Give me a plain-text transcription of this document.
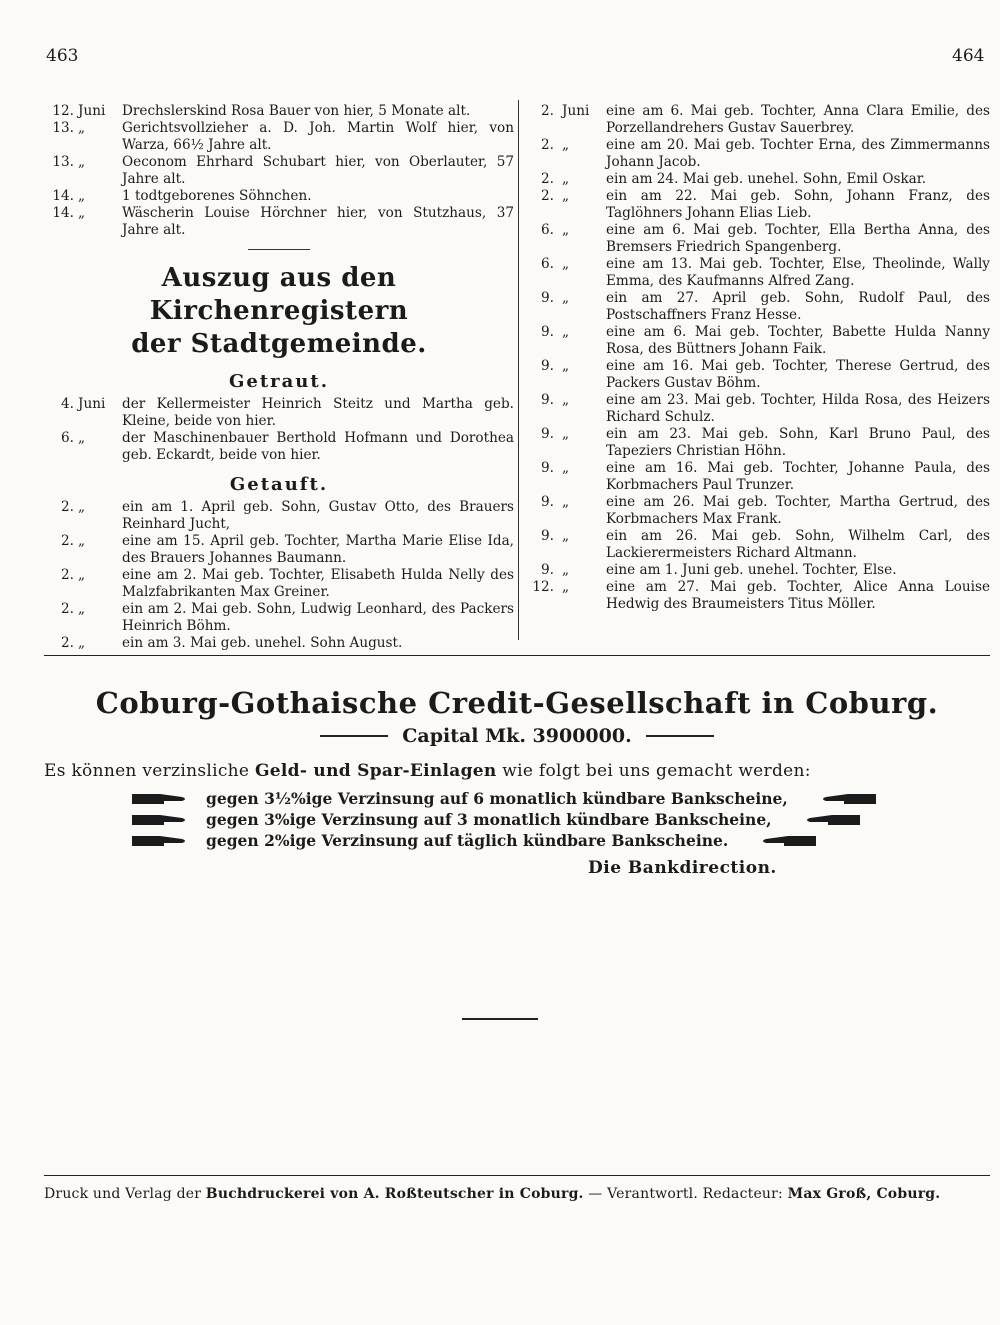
463	464
12. Juni	Drechslerskind Rosa Bauer von hier, 5 Monate alt.
13. „	Gerichtsvollzieher a. D. Joh. Martin Wolf hier, von Warza, 66½ Jahre alt.
13. „	Oeconom Ehrhard Schubart hier, von Oberlauter, 57 Jahre alt.
14. „	1 todtgeborenes Söhnchen.
14. „	Wäscherin Louise Hörchner hier, von Stutzhaus, 37 Jahre alt.
Auszug aus den Kirchenregistern
der Stadtgemeinde.
Getraut.
4. Juni	der Kellermeister Heinrich Steitz und Martha geb. Kleine, beide von hier.
6. „	der Maschinenbauer Berthold Hofmann und Dorothea geb. Eckardt, beide von hier.
Getauft.
2. „	ein am 1. April geb. Sohn, Gustav Otto, des Brauers Reinhard Jucht,
2. „	eine am 15. April geb. Tochter, Martha Marie Elise Ida, des Brauers Johannes Baumann.
2. „	eine am 2. Mai geb. Tochter, Elisabeth Hulda Nelly des Malzfabrikanten Max Greiner.
2. „	ein am 2. Mai geb. Sohn, Ludwig Leonhard, des Packers Heinrich Böhm.
2. „	ein am 3. Mai geb. unehel. Sohn August.
2. Juni	eine am 6. Mai geb. Tochter, Anna Clara Emilie, des Porzellandrehers Gustav Sauerbrey.
2. „	eine am 20. Mai geb. Tochter Erna, des Zimmermanns Johann Jacob.
2. „	ein am 24. Mai geb. unehel. Sohn, Emil Oskar.
2. „	ein am 22. Mai geb. Sohn, Johann Franz, des Taglöhners Johann Elias Lieb.
6. „	eine am 6. Mai geb. Tochter, Ella Bertha Anna, des Bremsers Friedrich Spangenberg.
6. „	eine am 13. Mai geb. Tochter, Else, Theolinde, Wally Emma, des Kaufmanns Alfred Zang.
9. „	ein am 27. April geb. Sohn, Rudolf Paul, des Postschaffners Franz Hesse.
9. „	eine am 6. Mai geb. Tochter, Babette Hulda Nanny Rosa, des Büttners Johann Faik.
9. „	eine am 16. Mai geb. Tochter, Therese Gertrud, des Packers Gustav Böhm.
9. „	eine am 23. Mai geb. Tochter, Hilda Rosa, des Heizers Richard Schulz.
9. „	ein am 23. Mai geb. Sohn, Karl Bruno Paul, des Tapeziers Christian Höhn.
9. „	eine am 16. Mai geb. Tochter, Johanne Paula, des Korbmachers Paul Trunzer.
9. „	eine am 26. Mai geb. Tochter, Martha Gertrud, des Korbmachers Max Frank.
9. „	ein am 26. Mai geb. Sohn, Wilhelm Carl, des Lackierermeisters Richard Altmann.
9. „	eine am 1. Juni geb. unehel. Tochter, Else.
12. „	eine am 27. Mai geb. Tochter, Alice Anna Louise Hedwig des Braumeisters Titus Möller.
Coburg-Gothaische Credit-Gesellschaft in Coburg.
Capital Mk. 3900000.
Es können verzinsliche Geld- und Spar-Einlagen wie folgt bei uns gemacht werden:
gegen 3½%ige Verzinsung auf 6 monatlich kündbare Bankscheine,
gegen 3%ige Verzinsung auf 3 monatlich kündbare Bankscheine,
gegen 2%ige Verzinsung auf täglich kündbare Bankscheine.
Die Bankdirection.
Druck und Verlag der Buchdruckerei von A. Roßteutscher in Coburg. — Verantwortl. Redacteur: Max Groß, Coburg.
